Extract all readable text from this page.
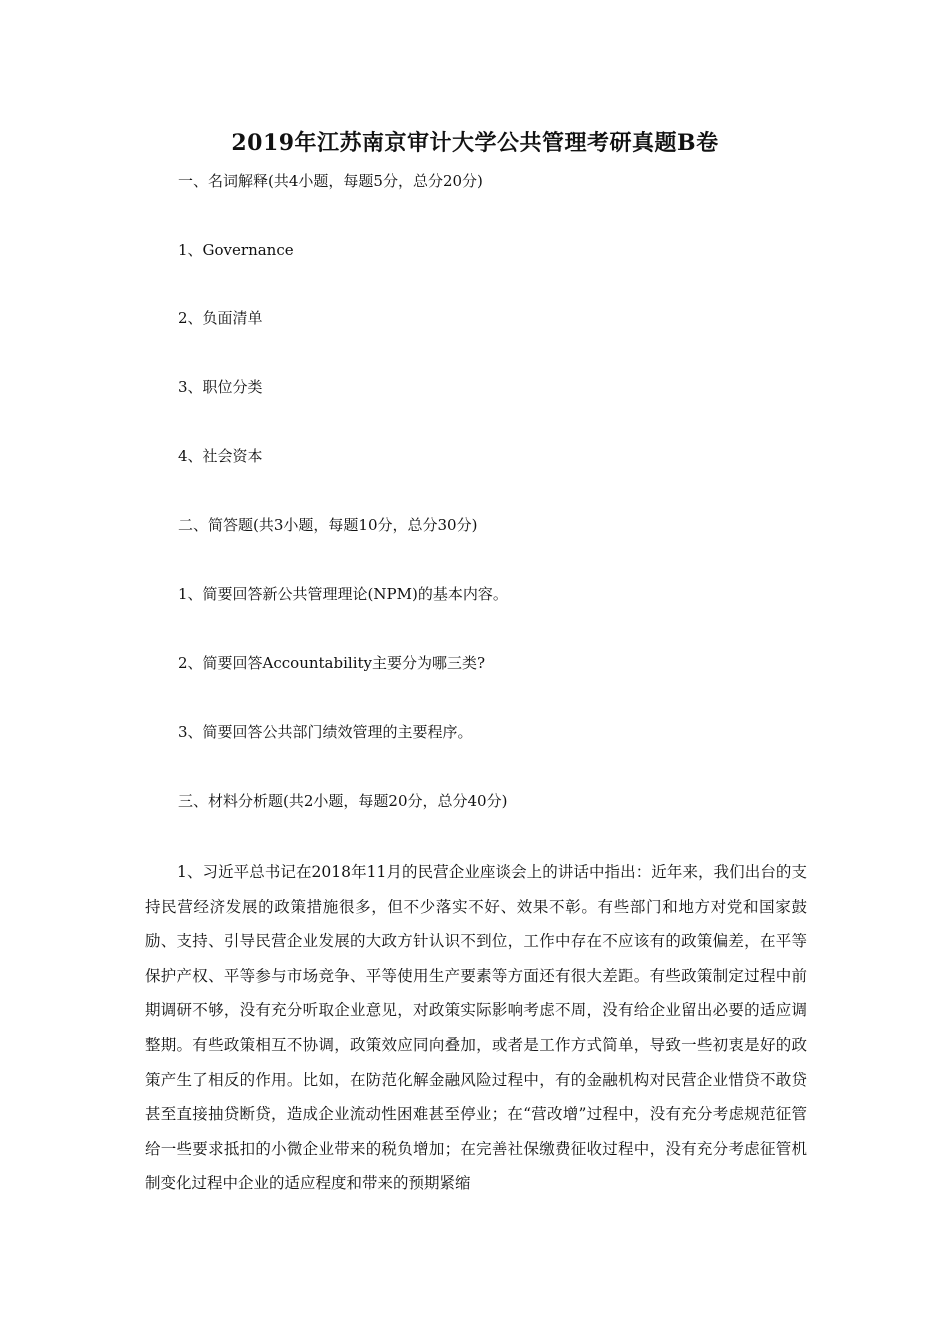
2019年江苏南京审计大学公共管理考研真题B卷

一、名词解释(共4小题，每题5分，总分20分)

1、Governance

2、负面清单

3、职位分类

4、社会资本

二、简答题(共3小题，每题10分，总分30分)

1、简要回答新公共管理理论(NPM)的基本内容。

2、简要回答Accountability主要分为哪三类?

3、简要回答公共部门绩效管理的主要程序。

三、材料分析题(共2小题，每题20分，总分40分)

1、习近平总书记在2018年11月的民营企业座谈会上的讲话中指出：近年来，我们出台的支持民营经济发展的政策措施很多，但不少落实不好、效果不彰。有些部门和地方对党和国家鼓励、支持、引导民营企业发展的大政方针认识不到位，工作中存在不应该有的政策偏差，在平等保护产权、平等参与市场竞争、平等使用生产要素等方面还有很大差距。有些政策制定过程中前期调研不够，没有充分听取企业意见，对政策实际影响考虑不周，没有给企业留出必要的适应调整期。有些政策相互不协调，政策效应同向叠加，或者是工作方式简单，导致一些初衷是好的政策产生了相反的作用。比如，在防范化解金融风险过程中，有的金融机构对民营企业惜贷不敢贷甚至直接抽贷断贷，造成企业流动性困难甚至停业；在“营改增”过程中，没有充分考虑规范征管给一些要求抵扣的小微企业带来的税负增加；在完善社保缴费征收过程中，没有充分考虑征管机制变化过程中企业的适应程度和带来的预期紧缩
